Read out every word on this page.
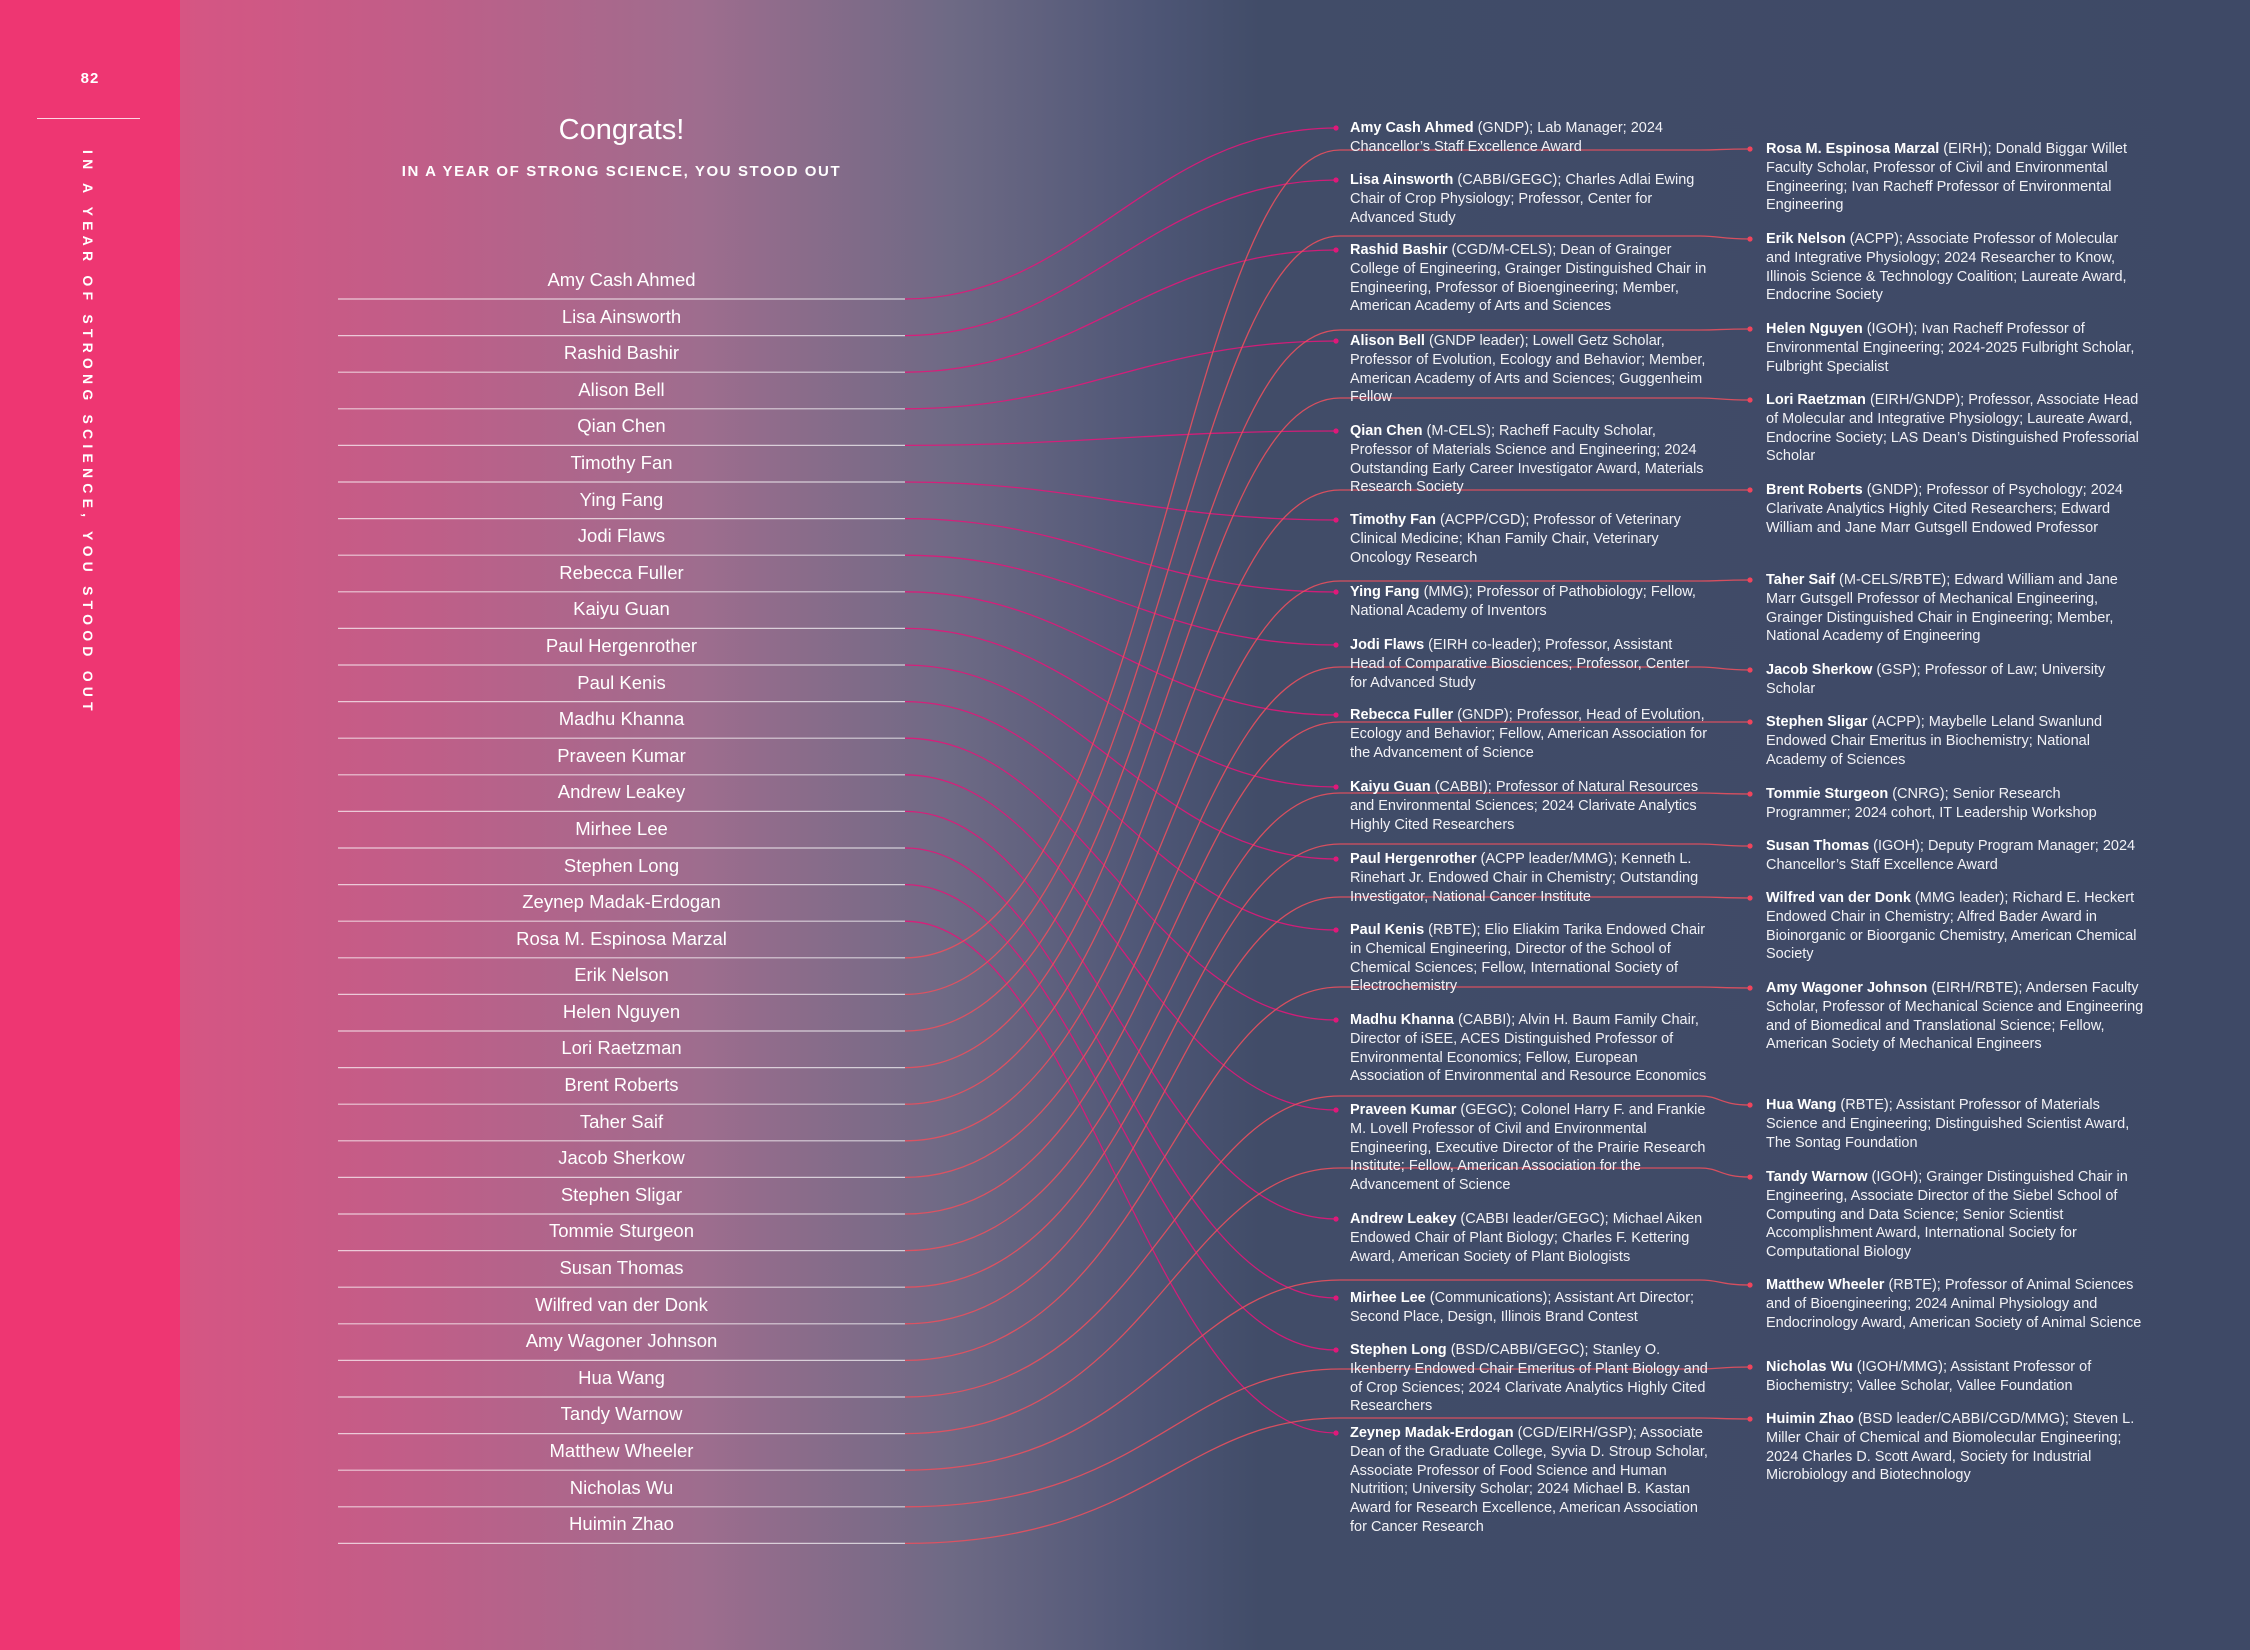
82
IN A YEAR OF STRONG SCIENCE, YOU STOOD OUT
Congrats!
IN A YEAR OF STRONG SCIENCE, YOU STOOD OUT
Amy Cash Ahmed
Lisa Ainsworth
Rashid Bashir
Alison Bell
Qian Chen
Timothy Fan
Ying Fang
Jodi Flaws
Rebecca Fuller
Kaiyu Guan
Paul Hergenrother
Paul Kenis
Madhu Khanna
Praveen Kumar
Andrew Leakey
Mirhee Lee
Stephen Long
Zeynep Madak-Erdogan
Rosa M. Espinosa Marzal
Erik Nelson
Helen Nguyen
Lori Raetzman
Brent Roberts
Taher Saif
Jacob Sherkow
Stephen Sligar
Tommie Sturgeon
Susan Thomas
Wilfred van der Donk
Amy Wagoner Johnson
Hua Wang
Tandy Warnow
Matthew Wheeler
Nicholas Wu
Huimin Zhao
Amy Cash Ahmed (GNDP); Lab Manager; 2024 Chancellor’s Staff Excellence Award
Lisa Ainsworth (CABBI/GEGC); Charles Adlai Ewing Chair of Crop Physiology; Professor, Center for Advanced Study
Rashid Bashir (CGD/M-CELS); Dean of Grainger College of Engineering, Grainger Distinguished Chair in Engineering, Professor of Bioengineering; Member, American Academy of Arts and Sciences
Alison Bell (GNDP leader); Lowell Getz Scholar, Professor of Evolution, Ecology and Behavior; Member, American Academy of Arts and Sciences; Guggenheim Fellow
Qian Chen (M-CELS); Racheff Faculty Scholar, Professor of Materials Science and Engineering; 2024 Outstanding Early Career Investigator Award, Materials Research Society
Timothy Fan (ACPP/CGD); Professor of Veterinary Clinical Medicine; Khan Family Chair, Veterinary Oncology Research
Ying Fang (MMG); Professor of Pathobiology; Fellow, National Academy of Inventors
Jodi Flaws (EIRH co-leader); Professor, Assistant Head of Comparative Biosciences; Professor, Center for Advanced Study
Rebecca Fuller (GNDP); Professor, Head of Evolution, Ecology and Behavior; Fellow, American Association for the Advancement of Science
Kaiyu Guan (CABBI); Professor of Natural Resources and Environmental Sciences; 2024 Clarivate Analytics Highly Cited Researchers
Paul Hergenrother (ACPP leader/MMG); Kenneth L. Rinehart Jr. Endowed Chair in Chemistry; Outstanding Investigator, National Cancer Institute
Paul Kenis (RBTE); Elio Eliakim Tarika Endowed Chair in Chemical Engineering, Director of the School of Chemical Sciences; Fellow, International Society of Electrochemistry
Madhu Khanna (CABBI); Alvin H. Baum Family Chair, Director of iSEE, ACES Distinguished Professor of Environmental Economics; Fellow, European Association of Environmental and Resource Economics
Praveen Kumar (GEGC); Colonel Harry F. and Frankie M. Lovell Professor of Civil and Environmental Engineering, Executive Director of the Prairie Research Institute; Fellow, American Association for the Advancement of Science
Andrew Leakey (CABBI leader/GEGC); Michael Aiken Endowed Chair of Plant Biology; Charles F. Kettering Award, American Society of Plant Biologists
Mirhee Lee (Communications); Assistant Art Director; Second Place, Design, Illinois Brand Contest
Stephen Long (BSD/CABBI/GEGC); Stanley O. Ikenberry Endowed Chair Emeritus of Plant Biology and of Crop Sciences; 2024 Clarivate Analytics Highly Cited Researchers
Zeynep Madak-Erdogan (CGD/EIRH/GSP); Associate Dean of the Graduate College, Syvia D. Stroup Scholar, Associate Professor of Food Science and Human Nutrition; University Scholar; 2024 Michael B. Kastan Award for Research Excellence, American Association for Cancer Research
Rosa M. Espinosa Marzal (EIRH); Donald Biggar Willet Faculty Scholar, Professor of Civil and Environmental Engineering; Ivan Racheff Professor of Environmental Engineering
Erik Nelson (ACPP); Associate Professor of Molecular and Integrative Physiology; 2024 Researcher to Know, Illinois Science & Technology Coalition; Laureate Award, Endocrine Society
Helen Nguyen (IGOH); Ivan Racheff Professor of Environmental Engineering; 2024-2025 Fulbright Scholar, Fulbright Specialist
Lori Raetzman (EIRH/GNDP); Professor, Associate Head of Molecular and Integrative Physiology; Laureate Award, Endocrine Society; LAS Dean’s Distinguished Professorial Scholar
Brent Roberts (GNDP); Professor of Psychology; 2024 Clarivate Analytics Highly Cited Researchers; Edward William and Jane Marr Gutsgell Endowed Professor
Taher Saif (M-CELS/RBTE); Edward William and Jane Marr Gutsgell Professor of Mechanical Engineering, Grainger Distinguished Chair in Engineering; Member, National Academy of Engineering
Jacob Sherkow (GSP); Professor of Law; University Scholar
Stephen Sligar (ACPP); Maybelle Leland Swanlund Endowed Chair Emeritus in Biochemistry; National Academy of Sciences
Tommie Sturgeon (CNRG); Senior Research Programmer; 2024 cohort, IT Leadership Workshop
Susan Thomas (IGOH); Deputy Program Manager; 2024 Chancellor’s Staff Excellence Award
Wilfred van der Donk (MMG leader); Richard E. Heckert Endowed Chair in Chemistry; Alfred Bader Award in Bioinorganic or Bioorganic Chemistry, American Chemical Society
Amy Wagoner Johnson (EIRH/RBTE); Andersen Faculty Scholar, Professor of Mechanical Science and Engineering and of Biomedical and Translational Science; Fellow, American Society of Mechanical Engineers
Hua Wang (RBTE); Assistant Professor of Materials Science and Engineering; Distinguished Scientist Award, The Sontag Foundation
Tandy Warnow (IGOH); Grainger Distinguished Chair in Engineering, Associate Director of the Siebel School of Computing and Data Science; Senior Scientist Accomplishment Award, International Society for Computational Biology
Matthew Wheeler (RBTE); Professor of Animal Sciences and of Bioengineering; 2024 Animal Physiology and Endocrinology Award, American Society of Animal Science
Nicholas Wu (IGOH/MMG); Assistant Professor of Biochemistry; Vallee Scholar, Vallee Foundation
Huimin Zhao (BSD leader/CABBI/CGD/MMG); Steven L. Miller Chair of Chemical and Biomolecular Engineering; 2024 Charles D. Scott Award, Society for Industrial Microbiology and Biotechnology
